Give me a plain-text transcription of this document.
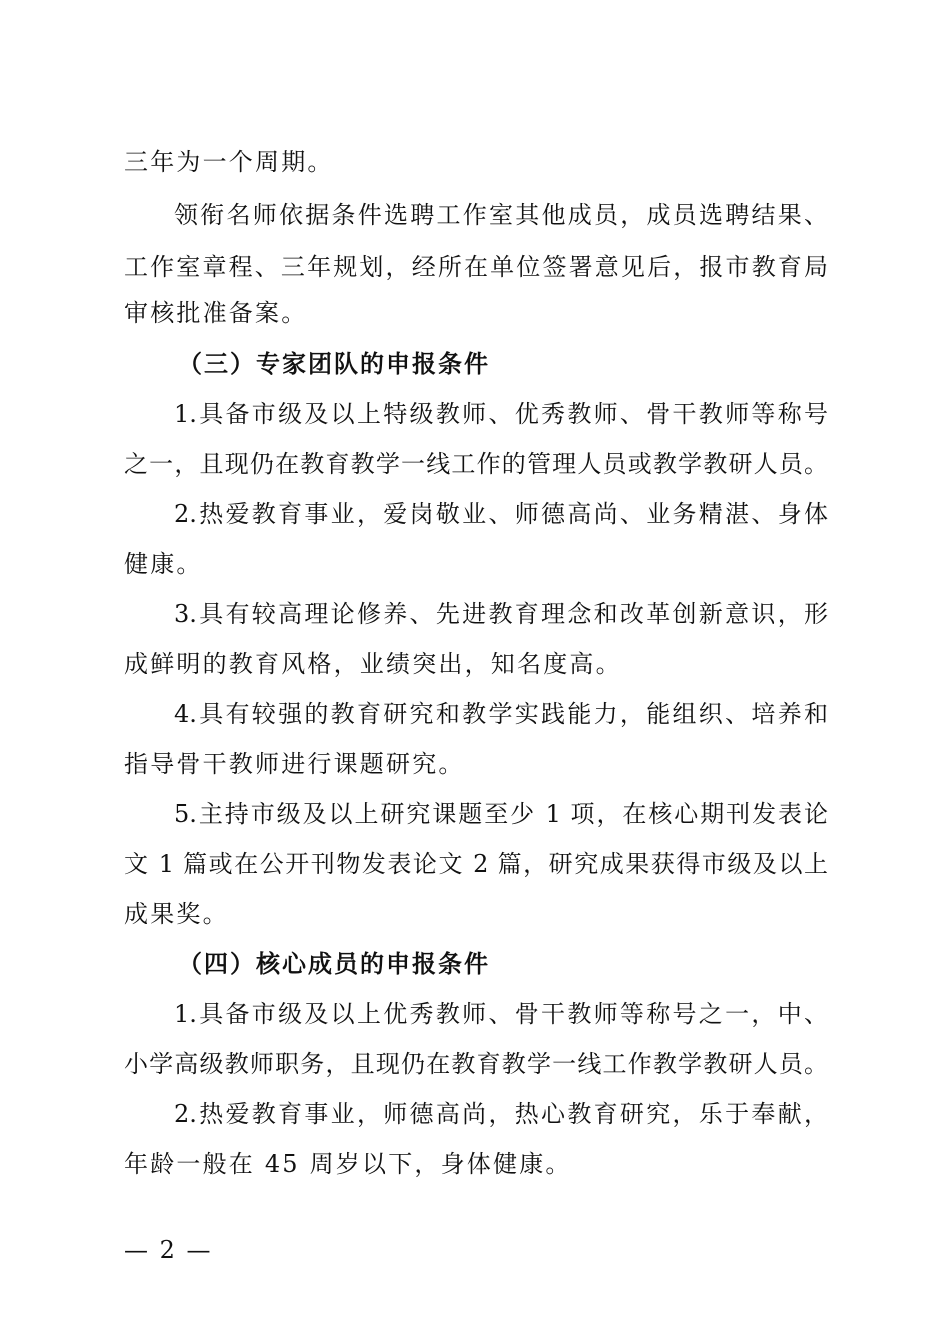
三年为一个周期。
领衔名师依据条件选聘工作室其他成员，成员选聘结果、
工作室章程、三年规划，经所在单位签署意见后，报市教育局
审核批准备案。
（三）专家团队的申报条件
1.具备市级及以上特级教师、优秀教师、骨干教师等称号
之一，且现仍在教育教学一线工作的管理人员或教学教研人员。
2.热爱教育事业，爱岗敬业、师德高尚、业务精湛、身体
健康。
3.具有较高理论修养、先进教育理念和改革创新意识，形
成鲜明的教育风格，业绩突出，知名度高。
4.具有较强的教育研究和教学实践能力，能组织、培养和
指导骨干教师进行课题研究。
5.主持市级及以上研究课题至少 1 项，在核心期刊发表论
文 1 篇或在公开刊物发表论文 2 篇，研究成果获得市级及以上
成果奖。
（四）核心成员的申报条件
1.具备市级及以上优秀教师、骨干教师等称号之一，中、
小学高级教师职务，且现仍在教育教学一线工作教学教研人员。
2.热爱教育事业，师德高尚，热心教育研究，乐于奉献，
年龄一般在 45 周岁以下，身体健康。
— 2 —
